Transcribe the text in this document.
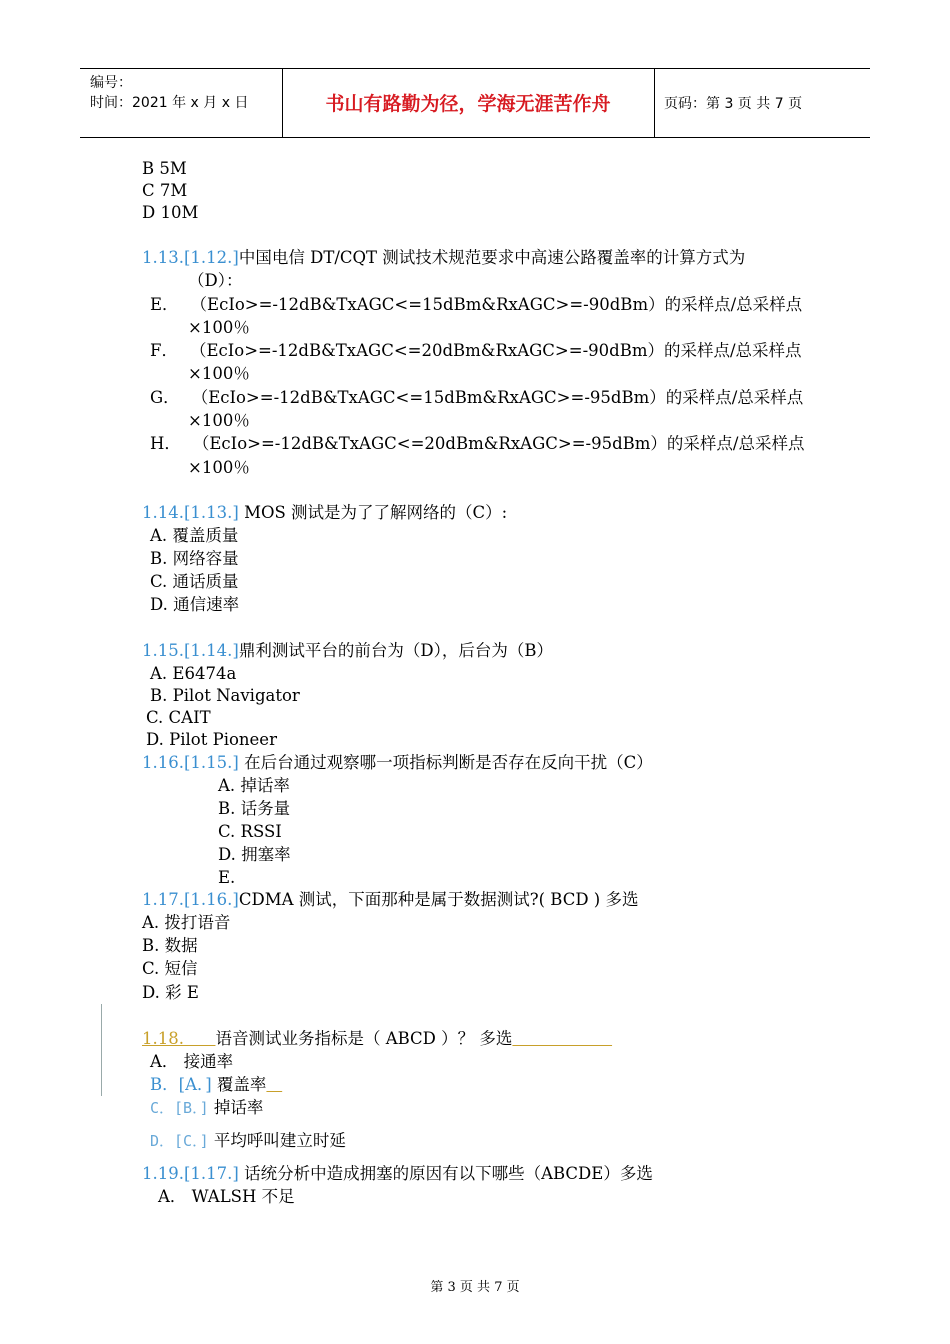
编号：
时间：2021 年 x 月 x 日	书山有路勤为径，学海无涯苦作舟	页码：第 3 页 共 7 页
B 5M
C 7M
D 10M
1.13.[1.12.]中国电信 DT/CQT 测试技术规范要求中高速公路覆盖率的计算方式为
（D）：
E． （EcIo>=-12dB&TxAGC<=15dBm&RxAGC>=-90dBm）的采样点/总采样点
×100％
F． （EcIo>=-12dB&TxAGC<=20dBm&RxAGC>=-90dBm）的采样点/总采样点
×100％
G． （EcIo>=-12dB&TxAGC<=15dBm&RxAGC>=-95dBm）的采样点/总采样点
×100％
H． （EcIo>=-12dB&TxAGC<=20dBm&RxAGC>=-95dBm）的采样点/总采样点
×100％
1.14.[1.13.] MOS 测试是为了了解网络的（C）:
A. 覆盖质量
B. 网络容量
C. 通话质量
D. 通信速率
1.15.[1.14.]鼎利测试平台的前台为（D），后台为（B）
A. E6474a
B. Pilot Navigator
C. CAIT
D. Pilot Pioneer
1.16.[1.15.] 在后台通过观察哪一项指标判断是否存在反向干扰（C）
A. 掉话率
B. 话务量
C. RSSI
D. 拥塞率
E.
1.17.[1.16.]CDMA 测试，下面那种是属于数据测试?( BCD ) 多选
A. 拨打语音
B. 数据
C. 短信
D. 彩 E
1.18. 语音测试业务指标是（ ABCD ）？ 多选
A． 接通率
B．[A．] 覆盖率
C．[B．] 掉话率
D．[C．] 平均呼叫建立时延
1.19.[1.17.] 话统分析中造成拥塞的原因有以下哪些（ABCDE）多选
A． WALSH 不足
第 3 页 共 7 页
